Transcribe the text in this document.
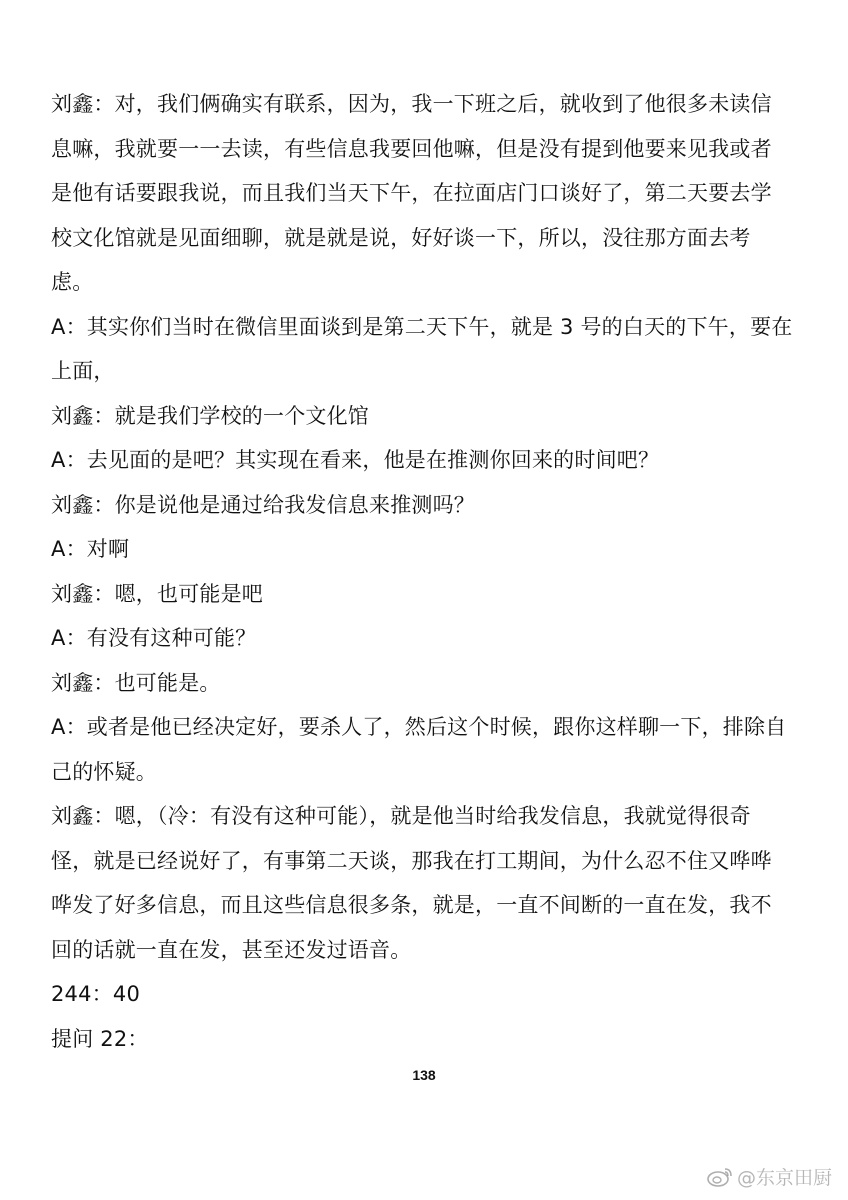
刘鑫：对，我们俩确实有联系，因为，我一下班之后，就收到了他很多未读信
息嘛，我就要一一去读，有些信息我要回他嘛，但是没有提到他要来见我或者
是他有话要跟我说，而且我们当天下午，在拉面店门口谈好了，第二天要去学
校文化馆就是见面细聊，就是就是说，好好谈一下，所以，没往那方面去考
虑。
A：其实你们当时在微信里面谈到是第二天下午，就是 3 号的白天的下午，要在
上面，
刘鑫：就是我们学校的一个文化馆
A：去见面的是吧？其实现在看来，他是在推测你回来的时间吧？
刘鑫：你是说他是通过给我发信息来推测吗？
A：对啊
刘鑫：嗯，也可能是吧
A：有没有这种可能？
刘鑫：也可能是。
A：或者是他已经决定好，要杀人了，然后这个时候，跟你这样聊一下，排除自
己的怀疑。
刘鑫：嗯，（冷：有没有这种可能），就是他当时给我发信息，我就觉得很奇
怪，就是已经说好了，有事第二天谈，那我在打工期间，为什么忍不住又哗哗
哗发了好多信息，而且这些信息很多条，就是，一直不间断的一直在发，我不
回的话就一直在发，甚至还发过语音。
244：40
提问 22：
138
@东京田厨
